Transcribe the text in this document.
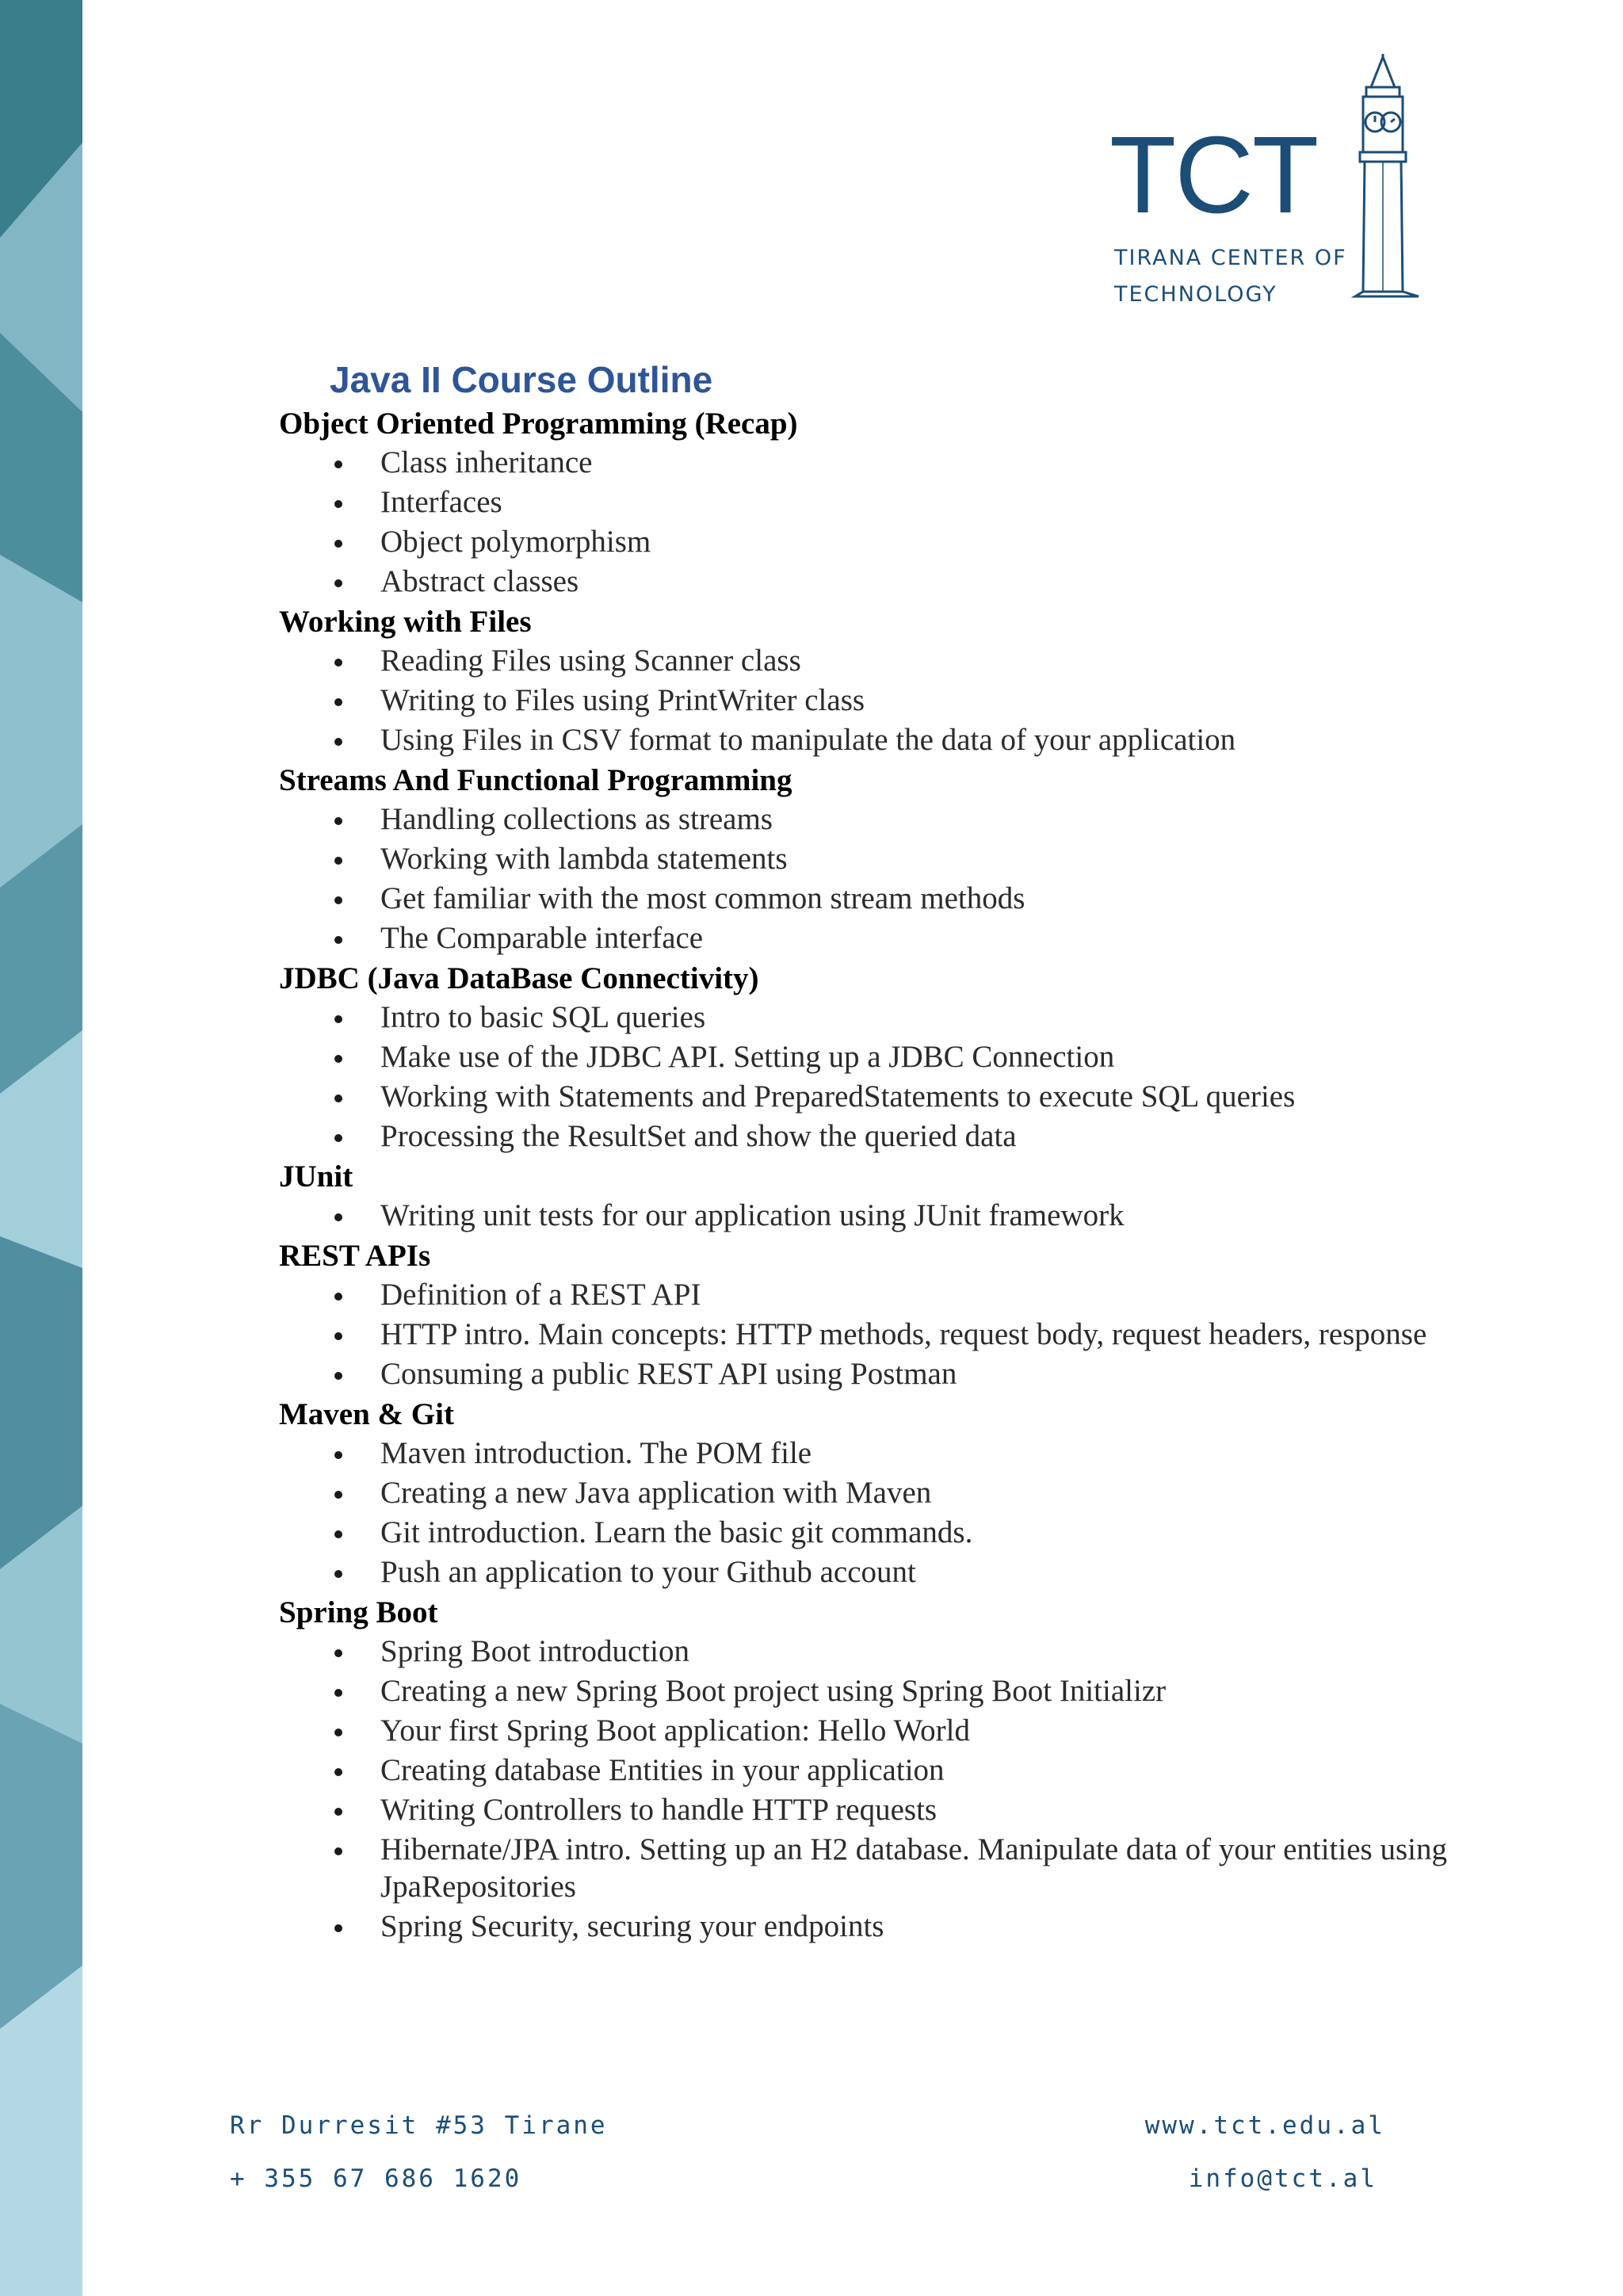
TCT
TIRANA CENTER OF
TECHNOLOGY
Java II Course Outline
Object Oriented Programming (Recap)
Class inheritance
Interfaces
Object polymorphism
Abstract classes
Working with Files
Reading Files using Scanner class
Writing to Files using PrintWriter class
Using Files in CSV format to manipulate the data of your application
Streams And Functional Programming
Handling collections as streams
Working with lambda statements
Get familiar with the most common stream methods
The Comparable interface
JDBC (Java DataBase Connectivity)
Intro to basic SQL queries
Make use of the JDBC API. Setting up a JDBC Connection
Working with Statements and PreparedStatements to execute SQL queries
Processing the ResultSet and show the queried data
JUnit
Writing unit tests for our application using JUnit framework
REST APIs
Definition of a REST API
HTTP intro. Main concepts: HTTP methods, request body, request headers, response
Consuming a public REST API using Postman
Maven & Git
Maven introduction. The POM file
Creating a new Java application with Maven
Git introduction. Learn the basic git commands.
Push an application to your Github account
Spring Boot
Spring Boot introduction
Creating a new Spring Boot project using Spring Boot Initializr
Your first Spring Boot application: Hello World
Creating database Entities in your application
Writing Controllers to handle HTTP requests
Hibernate/JPA intro. Setting up an H2 database. Manipulate data of your entities using JpaRepositories
Spring Security, securing your endpoints
Rr Durresit #53 Tirane
+ 355 67 686 1620
www.tct.edu.al
info@tct.al
